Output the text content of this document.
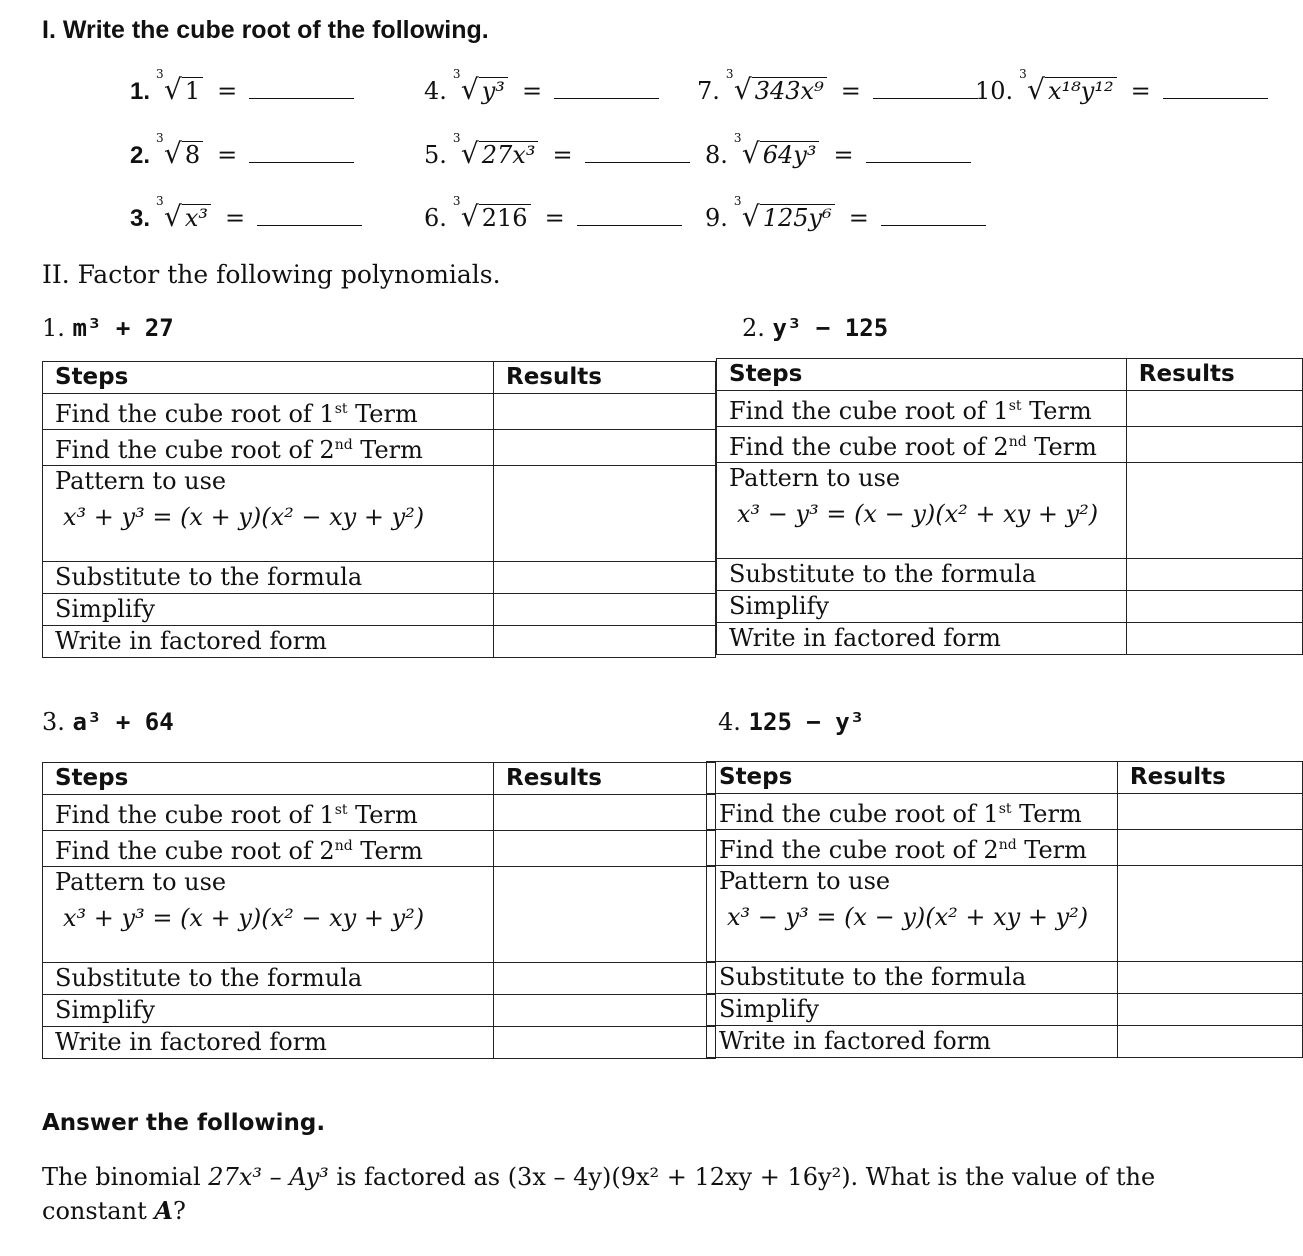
I. Write the cube root of the following.
1.
3 √ 1 =
2.
3 √ 8 =
3.
3 √ x³ =
4.
3 √ y³ =
5.
3 √ 27x³ =
6.
3 √ 216 =
7.
3 √ 343x⁹ =
8.
3 √ 64y³ =
9.
3 √ 125y⁶ =
10.
3 √ x¹⁸y¹² =
II. Factor the following polynomials.
1. m³ + 27
Steps	Results
Find the cube root of 1st Term	
Find the cube root of 2nd Term	
Pattern to use
x³ + y³ = (x + y)(x² − xy + y²)	

Substitute to the formula	
Simplify	
Write in factored form	
2. y³ − 125
Steps	Results
Find the cube root of 1st Term	
Find the cube root of 2nd Term	
Pattern to use
x³ − y³ = (x − y)(x² + xy + y²)	

Substitute to the formula	
Simplify	
Write in factored form	
3. a³ + 64
Steps	Results
Find the cube root of 1st Term	
Find the cube root of 2nd Term	
Pattern to use
x³ + y³ = (x + y)(x² − xy + y²)	

Substitute to the formula	
Simplify	
Write in factored form	
4. 125 − y³
Steps	Results
Find the cube root of 1st Term	
Find the cube root of 2nd Term	
Pattern to use
x³ − y³ = (x − y)(x² + xy + y²)	

Substitute to the formula	
Simplify	
Write in factored form	
Answer the following.
The binomial 27x³ – Ay³ is factored as (3x – 4y)(9x² + 12xy + 16y²). What is the value of the constant A?
